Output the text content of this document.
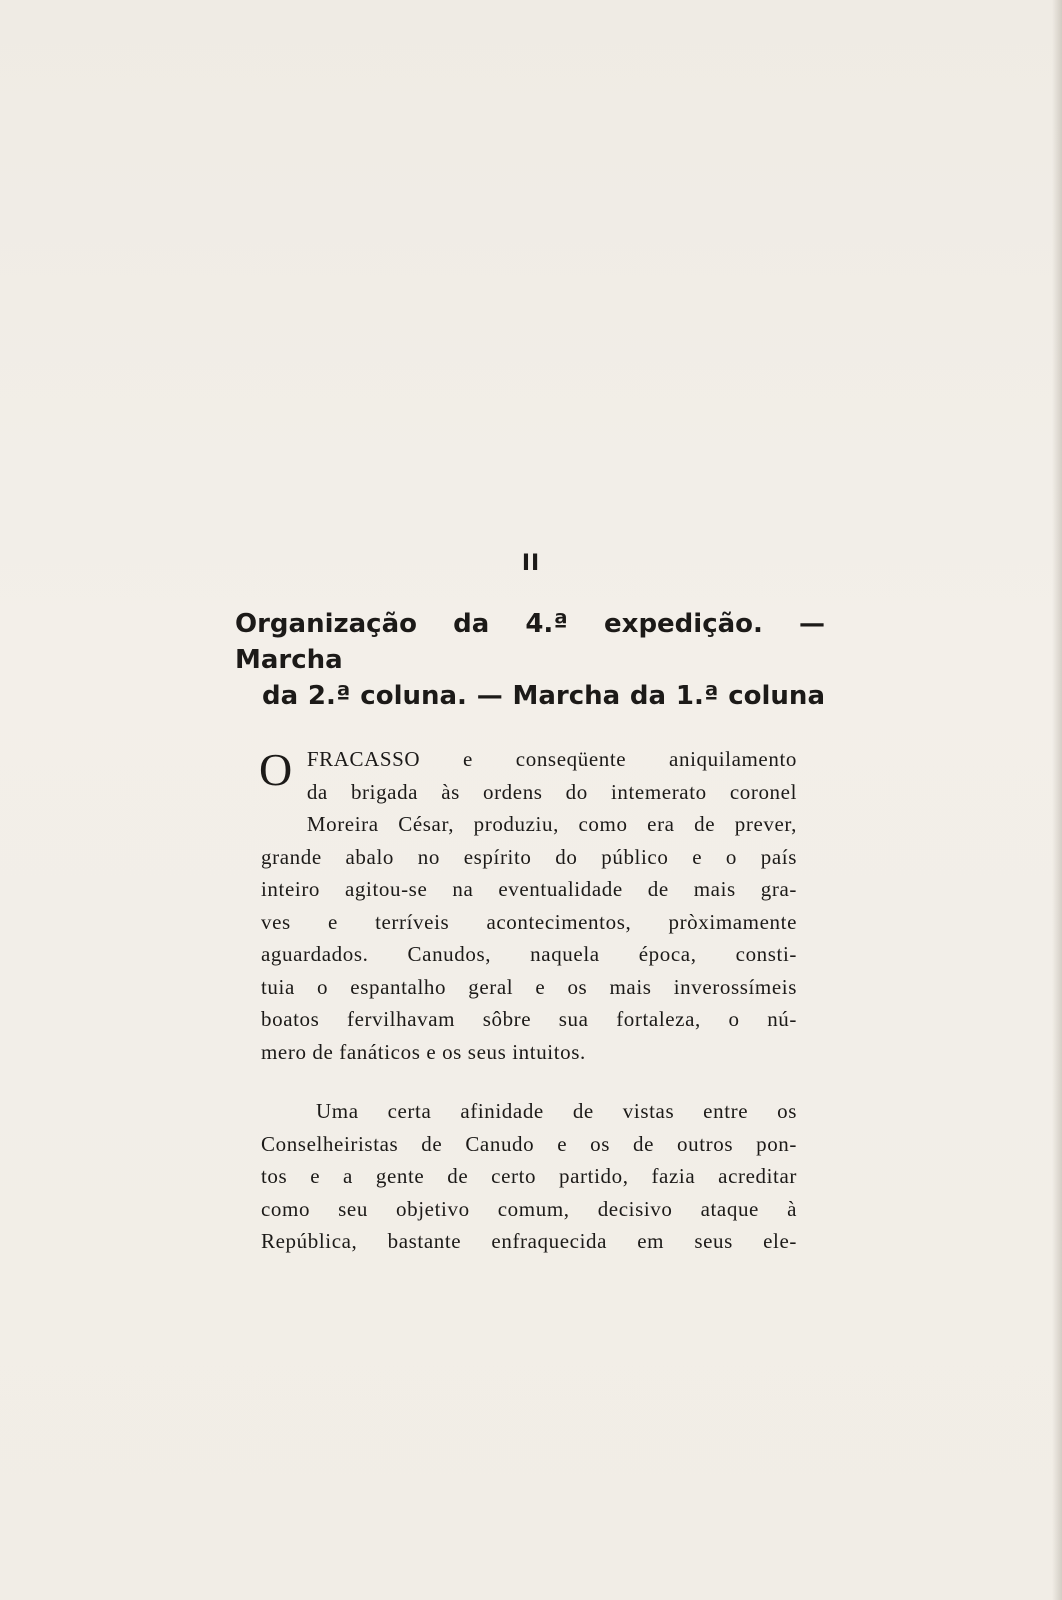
II
Organização da 4.ª expedição. — Marcha
da 2.ª coluna. — Marcha da 1.ª coluna
O FRACASSO e conseqüente aniquilamento
da brigada às ordens do intemerato coronel
Moreira César, produziu, como era de prever,
grande abalo no espírito do público e o país
inteiro agitou-se na eventualidade de mais gra-
ves e terríveis acontecimentos, pròximamente
aguardados. Canudos, naquela época, consti-
tuia o espantalho geral e os mais inverossímeis
boatos fervilhavam sôbre sua fortaleza, o nú-
mero de fanáticos e os seus intuitos.
Uma certa afinidade de vistas entre os
Conselheiristas de Canudo e os de outros pon-
tos e a gente de certo partido, fazia acreditar
como seu objetivo comum, decisivo ataque à
República, bastante enfraquecida em seus ele-
